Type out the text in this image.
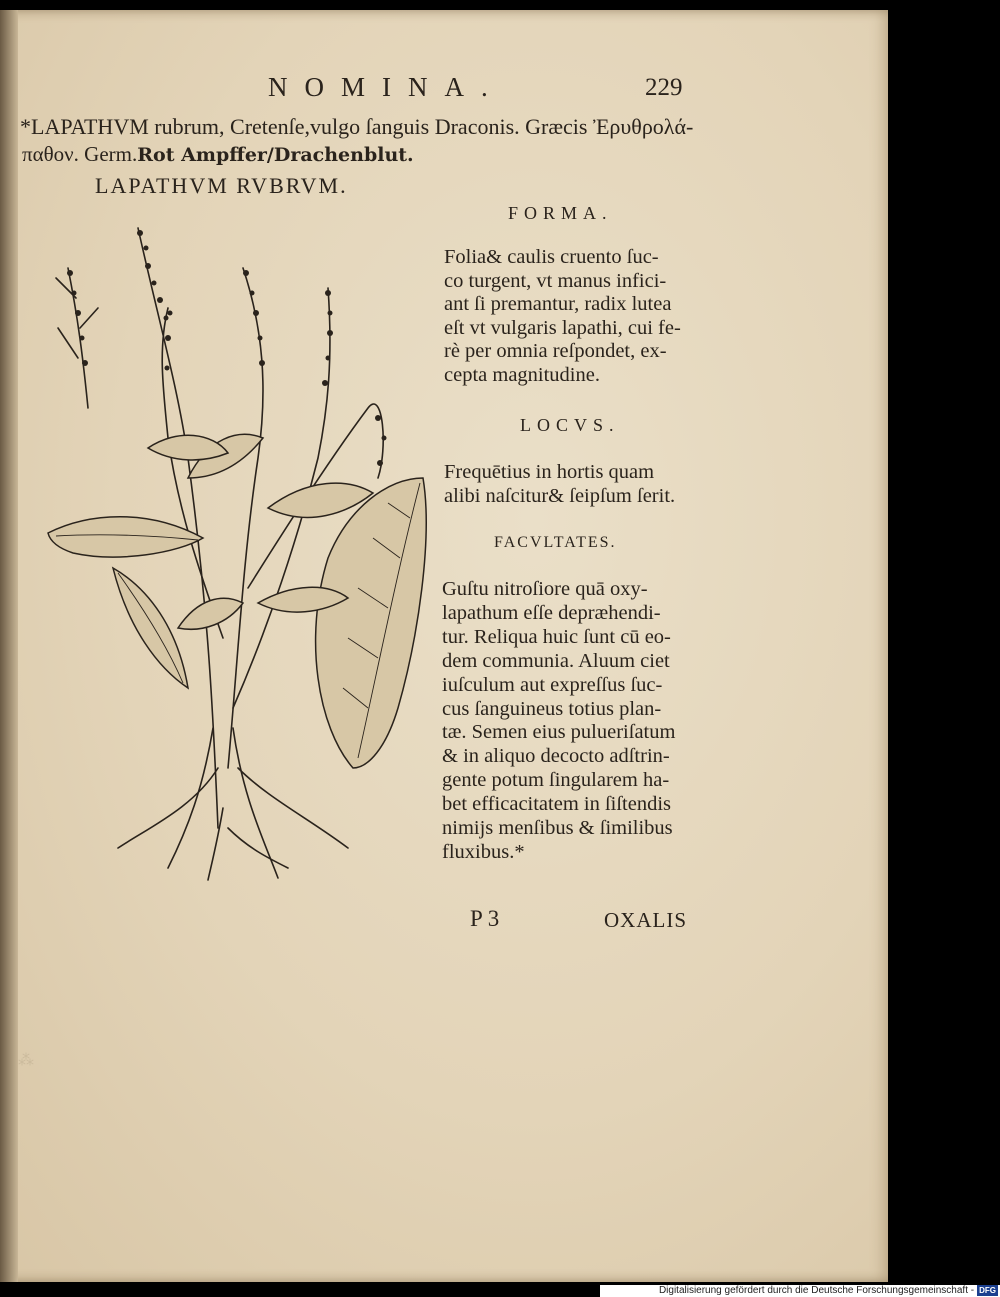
NOMINA.	229
*LAPATHVM rubrum, Cretenſe,vulgo ſanguis Draconis. Græcis Ἐρυθρολά-
παθον. Germ.Rot Ampffer/Drachenblut.
LAPATHVM RVBRVM.
FORMA.
Folia& caulis cruento ſuc-
co turgent, vt manus infici-
ant ſi premantur, radix lutea
eſt vt vulgaris lapathi, cui fe-
rè per omnia reſpondet, ex-
cepta magnitudine.
LOCVS.
Frequētius in hortis quam
alibi naſcitur& ſeipſum ſerit.
FACVLTATES.
Guſtu nitroſiore quā oxy-
lapathum eſſe depræhendi-
tur. Reliqua huic ſunt cū eo-
dem communia. Aluum ciet
iuſculum aut expreſſus ſuc-
cus ſanguineus totius plan-
tæ. Semen eius pulueriſatum
& in aliquo decocto adſtrin-
gente potum ſingularem ha-
bet efficacitatem in ſiſtendis
nimijs menſibus & ſimilibus
fluxibus.*
P 3	OXALIS
⁂
Digitalisierung gefördert durch die Deutsche Forschungsgemeinschaft - DFG
